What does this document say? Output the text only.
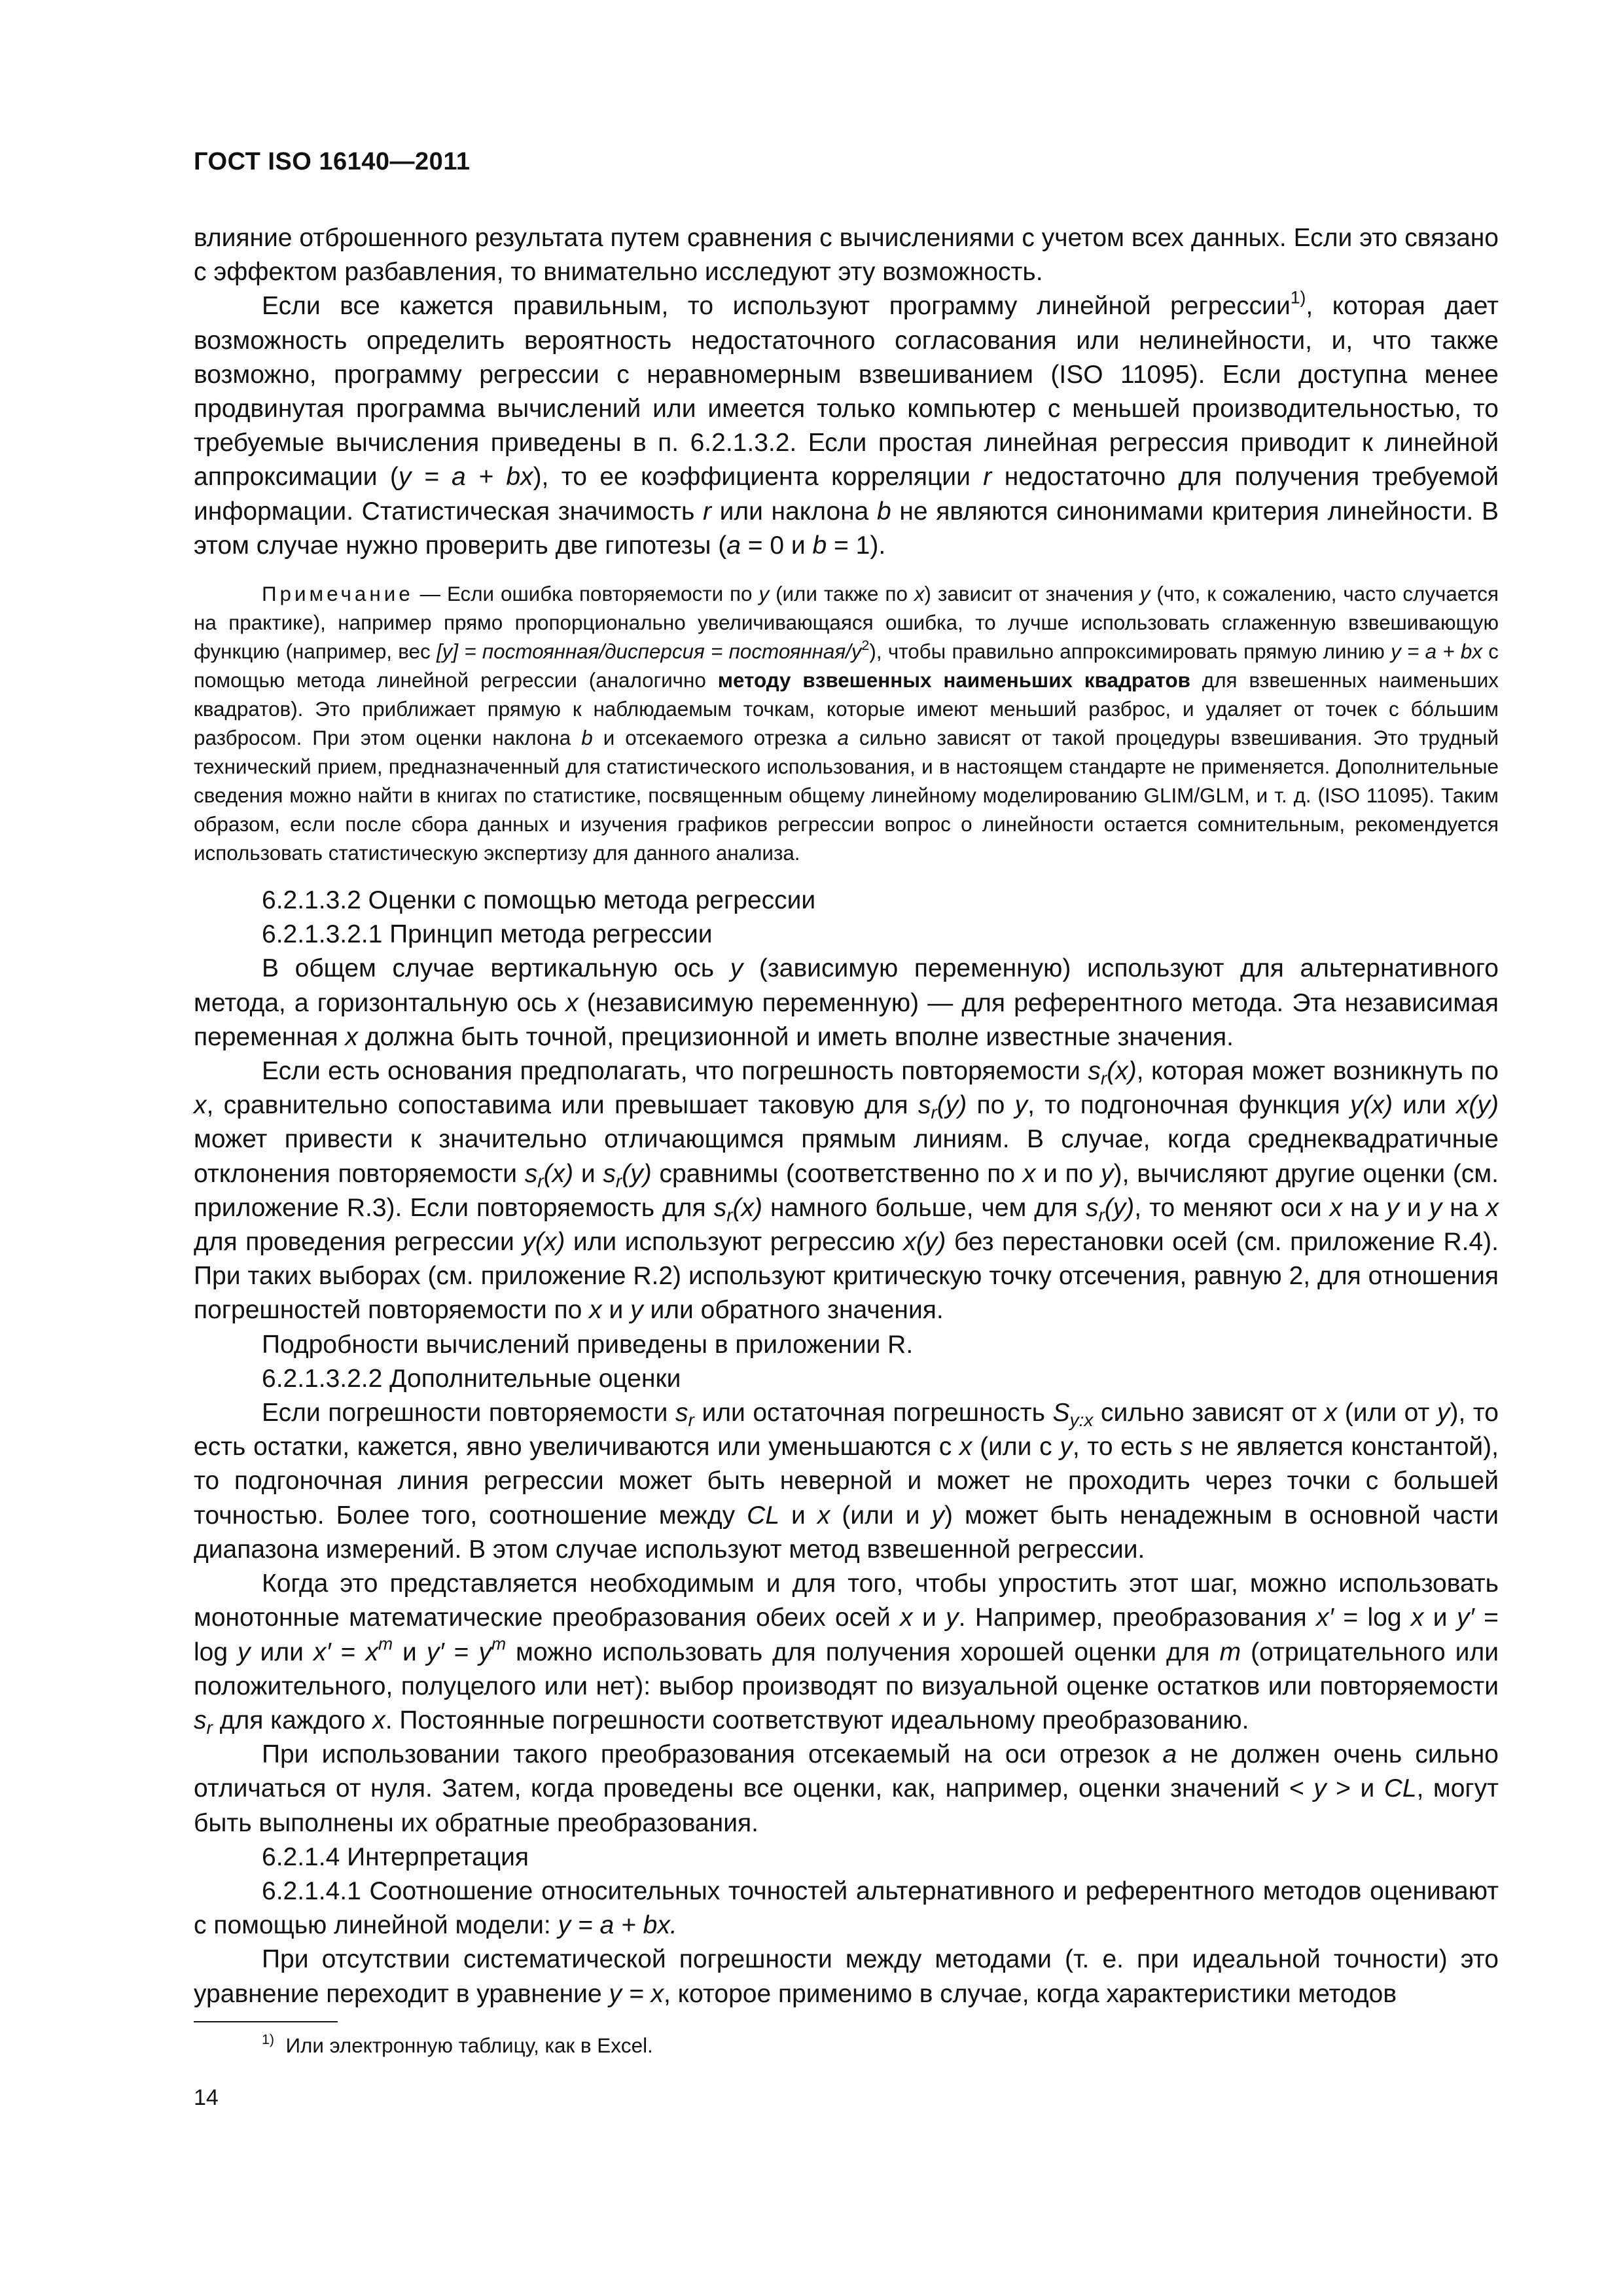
ГОСТ ISO 16140—2011

влияние отброшенного результата путем сравнения с вычислениями с учетом всех данных. Если это связано с эффектом разбавления, то внимательно исследуют эту возможность.

Если все кажется правильным, то используют программу линейной регрессии$^{1)}$, которая дает возможность определить вероятность недостаточного согласования или нелинейности, и, что также возможно, программу регрессии с неравномерным взвешиванием (ISO 11095). Если доступна менее продвинутая программа вычислений или имеется только компьютер с меньшей производительностью, то требуемые вычисления приведены в п. 6.2.1.3.2. Если простая линейная регрессия приводит к линейной аппроксимации (y = a + bx), то ее коэффициента корреляции r недостаточно для получения требуемой информации. Статистическая значимость r или наклона b не являются синонимами критерия линейности. В этом случае нужно проверить две гипотезы (a = 0 и b = 1).

Примечание — Если ошибка повторяемости по y (или также по x) зависит от значения y (что, к сожалению, часто случается на практике), например прямо пропорционально увеличивающаяся ошибка, то лучше использовать сглаженную взвешивающую функцию (например, вес [y] = постоянная/дисперсия = постоянная/$y^2$), чтобы правильно аппроксимировать прямую линию y = a + bx с помощью метода линейной регрессии (аналогично методу взвешенных наименьших квадратов для взвешенных наименьших квадратов). Это приближает прямую к наблюдаемым точкам, которые имеют меньший разброс, и удаляет от точек с бóльшим разбросом. При этом оценки наклона b и отсекаемого отрезка a сильно зависят от такой процедуры взвешивания. Это трудный технический прием, предназначенный для статистического использования, и в настоящем стандарте не применяется. Дополнительные сведения можно найти в книгах по статистике, посвященным общему линейному моделированию GLIM/GLM, и т. д. (ISO 11095). Таким образом, если после сбора данных и изучения графиков регрессии вопрос о линейности остается сомнительным, рекомендуется использовать статистическую экспертизу для данного анализа.

6.2.1.3.2 Оценки с помощью метода регрессии

6.2.1.3.2.1 Принцип метода регрессии

В общем случае вертикальную ось y (зависимую переменную) используют для альтернативного метода, а горизонтальную ось x (независимую переменную) — для референтного метода. Эта независимая переменная x должна быть точной, прецизионной и иметь вполне известные значения.

Если есть основания предполагать, что погрешность повторяемости $s_r(x)$, которая может возникнуть по x, сравнительно сопоставима или превышает таковую для $s_r(y)$ по y, то подгоночная функция y(x) или x(y) может привести к значительно отличающимся прямым линиям. В случае, когда среднеквадратичные отклонения повторяемости $s_r(x)$ и $s_r(y)$ сравнимы (соответственно по x и по y), вычисляют другие оценки (см. приложение R.3). Если повторяемость для $s_r(x)$ намного больше, чем для $s_r(y)$, то меняют оси x на y и y на x для проведения регрессии y(x) или используют регрессию x(y) без перестановки осей (см. приложение R.4). При таких выборах (см. приложение R.2) используют критическую точку отсечения, равную 2, для отношения погрешностей повторяемости по x и y или обратного значения.

Подробности вычислений приведены в приложении R.

6.2.1.3.2.2 Дополнительные оценки

Если погрешности повторяемости $s_r$ или остаточная погрешность $S_{y:x}$ сильно зависят от x (или от y), то есть остатки, кажется, явно увеличиваются или уменьшаются с x (или с y, то есть s не является константой), то подгоночная линия регрессии может быть неверной и может не проходить через точки с большей точностью. Более того, соотношение между CL и x (или и y) может быть ненадежным в основной части диапазона измерений. В этом случае используют метод взвешенной регрессии.

Когда это представляется необходимым и для того, чтобы упростить этот шаг, можно использовать монотонные математические преобразования обеих осей x и y. Например, преобразования x′ = log x и y′ = log y или $x' = x^m$ и $y' = y^m$ можно использовать для получения хорошей оценки для m (отрицательного или положительного, полуцелого или нет): выбор производят по визуальной оценке остатков или повторяемости $s_r$ для каждого x. Постоянные погрешности соответствуют идеальному преобразованию.

При использовании такого преобразования отсекаемый на оси отрезок a не должен очень сильно отличаться от нуля. Затем, когда проведены все оценки, как, например, оценки значений < y > и CL, могут быть выполнены их обратные преобразования.

6.2.1.4 Интерпретация

6.2.1.4.1 Соотношение относительных точностей альтернативного и референтного методов оценивают с помощью линейной модели: y = a + bx.

При отсутствии систематической погрешности между методами (т. е. при идеальной точности) это уравнение переходит в уравнение y = x, которое применимо в случае, когда характеристики методов

$^{1)}$ Или электронную таблицу, как в Excel.
14
